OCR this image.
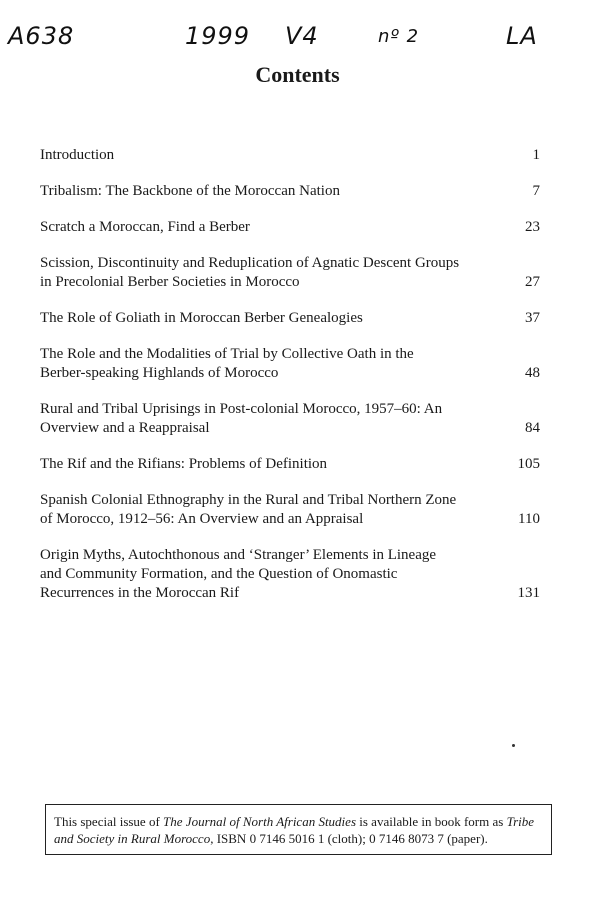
A638	1999 V4	nº 2	LA
Contents
Introduction	1
Tribalism: The Backbone of the Moroccan Nation	7
Scratch a Moroccan, Find a Berber	23
Scission, Discontinuity and Reduplication of Agnatic Descent Groups in Precolonial Berber Societies in Morocco	27
The Role of Goliath in Moroccan Berber Genealogies	37
The Role and the Modalities of Trial by Collective Oath in the Berber-speaking Highlands of Morocco	48
Rural and Tribal Uprisings in Post-colonial Morocco, 1957–60: An Overview and a Reappraisal	84
The Rif and the Rifians: Problems of Definition	105
Spanish Colonial Ethnography in the Rural and Tribal Northern Zone of Morocco, 1912–56: An Overview and an Appraisal	110
Origin Myths, Autochthonous and ‘Stranger’ Elements in Lineage and Community Formation, and the Question of Onomastic Recurrences in the Moroccan Rif	131
This special issue of The Journal of North African Studies is available in book form as Tribe and Society in Rural Morocco, ISBN 0 7146 5016 1 (cloth); 0 7146 8073 7 (paper).
